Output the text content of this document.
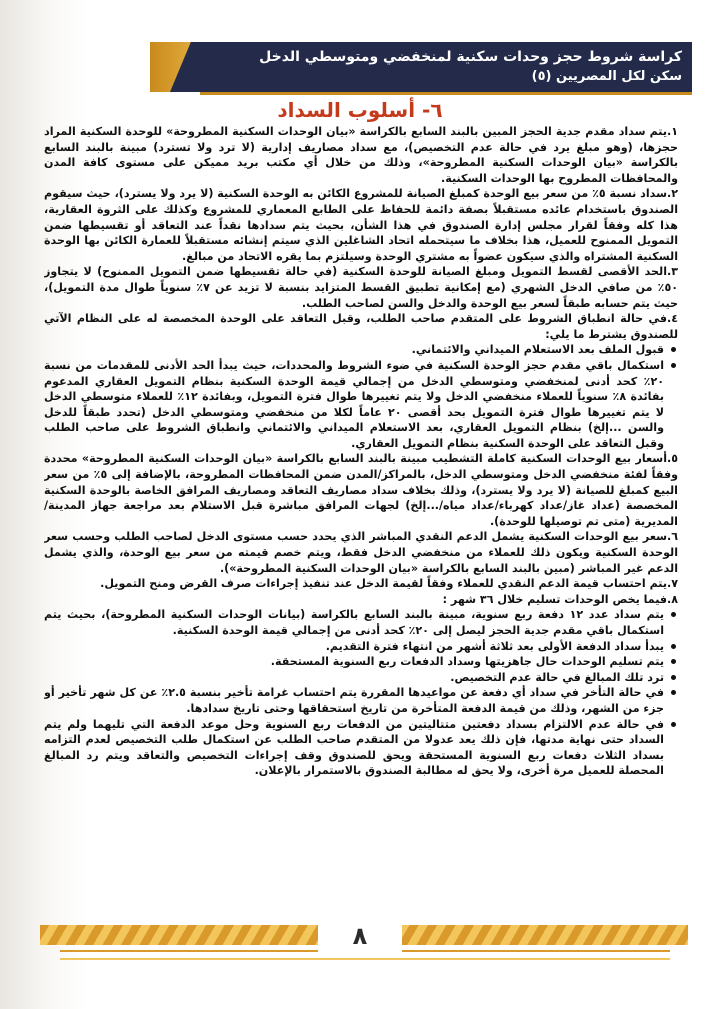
كراسة شروط حجز وحدات سكنية لمنخفضي ومتوسطي الدخل
سكن لكل المصريين (٥)
٦- أسلوب السداد

١.يتم سداد مقدم جدية الحجز المبين بالبند السابع بالكراسة «بيان الوحدات السكنية المطروحة» للوحدة السكنية المراد حجزها، (وهو مبلغ يرد في حالة عدم التخصيص)، مع سداد مصاريف إدارية (لا ترد ولا تسترد) مبينة بالبند السابع بالكراسة «بيان الوحدات السكنية المطروحة»، وذلك من خلال أي مكتب بريد مميكن على مستوى كافة المدن والمحافظات المطروح بها الوحدات السكنية.

٢.سداد نسبة ٥٪ من سعر بيع الوحدة كمبلغ الصيانة للمشروع الكائن به الوحدة السكنية (لا يرد ولا يسترد)، حيث سيقوم الصندوق باستخدام عائده مستقبلاً بصفة دائمة للحفاظ على الطابع المعماري للمشروع وكذلك على الثروة العقارية، هذا كله وفقاً لقرار مجلس إدارة الصندوق في هذا الشأن، بحيث يتم سدادها نقداً عند التعاقد أو تقسيطها ضمن التمويل الممنوح للعميل، هذا بخلاف ما سيتحمله اتحاد الشاغلين الذي سيتم إنشائه مستقبلاً للعمارة الكائن بها الوحدة السكنية المشتراه والذي سيكون عضواً به مشتري الوحدة وسيلتزم بما يقره الاتحاد من مبالغ.

٣.الحد الأقصى لقسط التمويل ومبلغ الصيانة للوحدة السكنية (في حالة تقسيطها ضمن التمويل الممنوح) لا يتجاوز ٥٠٪ من صافي الدخل الشهري (مع إمكانية تطبيق القسط المتزايد بنسبة لا تزيد عن ٧٪ سنوياً طوال مدة التمويل)، حيث يتم حسابه طبقاً لسعر بيع الوحدة والدخل والسن لصاحب الطلب.

٤.في حالة انطباق الشروط على المتقدم صاحب الطلب، وقبل التعاقد على الوحدة المخصصة له على النظام الآتي للصندوق يشترط ما يلي:

قبول الملف بعد الاستعلام الميداني والائتماني.
استكمال باقي مقدم حجز الوحدة السكنية في ضوء الشروط والمحددات، حيث يبدأ الحد الأدنى للمقدمات من نسبة ٢٠٪ كحد أدنى لمنخفضي ومتوسطي الدخل من إجمالي قيمة الوحدة السكنية بنظام التمويل العقاري المدعوم بفائدة ٨٪ سنوياً للعملاء منخفضي الدخل ولا يتم تغييرها طوال فترة التمويل، وبفائدة ١٢٪ للعملاء متوسطي الدخل لا يتم تغييرها طوال فترة التمويل بحد أقصى ٢٠ عاماً لكلا من منخفضي ومتوسطي الدخل (تحدد طبقاً للدخل والسن ...إلخ) بنظام التمويل العقاري، بعد الاستعلام الميداني والائتماني وانطباق الشروط على صاحب الطلب وقبل التعاقد على الوحدة السكنية بنظام التمويل العقاري.

٥.أسعار بيع الوحدات السكنية كاملة التشطيب مبينة بالبند السابع بالكراسة «بيان الوحدات السكنية المطروحة» محددة وفقاً لفئة منخفضي الدخل ومتوسطي الدخل، بالمراكز/المدن ضمن المحافظات المطروحة، بالإضافة إلى ٥٪ من سعر البيع كمبلغ للصيانة (لا يرد ولا يسترد)، وذلك بخلاف سداد مصاريف التعاقد ومصاريف المرافق الخاصة بالوحدة السكنية المخصصة (عداد غاز/عداد كهرباء/عداد مياه/...إلخ) لجهات المرافق مباشرة قبل الاستلام بعد مراجعة جهاز المدينة/المديرية (متى تم توصيلها للوحدة).

٦.سعر بيع الوحدات السكنية يشمل الدعم النقدي المباشر الذي يحدد حسب مستوى الدخل لصاحب الطلب وحسب سعر الوحدة السكنية ويكون ذلك للعملاء من منخفضي الدخل فقط، ويتم خصم قيمته من سعر بيع الوحدة، والذي يشمل الدعم غير المباشر (مبين بالبند السابع بالكراسة «بيان الوحدات السكنية المطروحة»).

٧.يتم احتساب قيمة الدعم النقدي للعملاء وفقاً لقيمة الدخل عند تنفيذ إجراءات صرف القرض ومنح التمويل.

٨.فيما يخص الوحدات تسليم خلال ٣٦ شهر :

يتم سداد عدد ١٢ دفعة ربع سنوية، مبينة بالبند السابع بالكراسة (بيانات الوحدات السكنية المطروحة)، بحيث يتم استكمال باقي مقدم جدية الحجز ليصل إلى ٢٠٪ كحد أدنى من إجمالي قيمة الوحدة السكنية.
يبدأ سداد الدفعة الأولى بعد ثلاثة أشهر من انتهاء فترة التقديم.
يتم تسليم الوحدات حال جاهزيتها وسداد الدفعات ربع السنوية المستحقة.
ترد تلك المبالغ في حالة عدم التخصيص.
في حالة التأخر في سداد أي دفعة عن مواعيدها المقررة يتم احتساب غرامة تأخير بنسبة ٢.٥٪ عن كل شهر تأخير أو جزء من الشهر، وذلك من قيمة الدفعة المتأخرة من تاريخ استحقاقها وحتى تاريخ سدادها.
في حالة عدم الالتزام بسداد دفعتين متتاليتين من الدفعات ربع السنوية وحل موعد الدفعة التي تليهما ولم يتم السداد حتى نهاية مدتها، فإن ذلك يعد عدولا من المتقدم صاحب الطلب عن استكمال طلب التخصيص لعدم التزامه بسداد الثلاث دفعات ربع السنوية المستحقة ويحق للصندوق وقف إجراءات التخصيص والتعاقد ويتم رد المبالغ المحصلة للعميل مرة أخرى، ولا يحق له مطالبة الصندوق بالاستمرار بالإعلان.
٨
